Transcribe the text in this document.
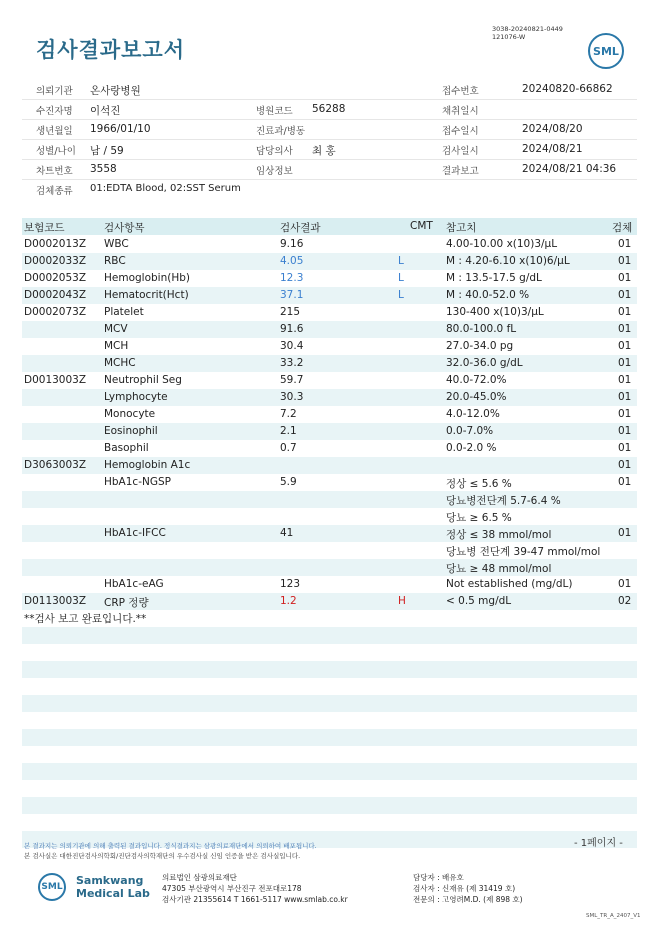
검사결과보고서
3038-20240821-0449
121076-W
SML
의뢰기관 온사랑병원	접수번호	20240820-66862
수진자명 이석진	병원코드 56288	채취일시
생년월일 1966/01/10	진료과/병동	접수일시	2024/08/20
성별/나이 남 / 59	담당의사 최 홍	검사일시	2024/08/21
차트번호 3558	임상정보	결과보고	2024/08/21 04:36
검체종류 01:EDTA Blood, 02:SST Serum
보험코드	검사항목	검사결과	CMT 참고치	검체
D0002013Z WBC	9.16	4.00-10.00 x(10)3/µL	01
D0002033Z RBC	4.05	L	M : 4.20-6.10 x(10)6/µL	01
D0002053Z Hemoglobin(Hb)	12.3	L	M : 13.5-17.5 g/dL	01
D0002043Z Hematocrit(Hct)	37.1	L	M : 40.0-52.0 %	01
D0002073Z Platelet	215	130-400 x(10)3/µL	01
MCV	91.6	80.0-100.0 fL	01
MCH	30.4	27.0-34.0 pg	01
MCHC	33.2	32.0-36.0 g/dL	01
D0013003Z Neutrophil Seg	59.7	40.0-72.0%	01
Lymphocyte	30.3	20.0-45.0%	01
Monocyte	7.2	4.0-12.0%	01
Eosinophil	2.1	0.0-7.0%	01
Basophil	0.7	0.0-2.0 %	01
D3063003Z Hemoglobin A1c	01
HbA1c-NGSP	5.9	정상 ≤ 5.6 %	01
당뇨병전단계 5.7-6.4 %
당뇨 ≥ 6.5 %
HbA1c-IFCC	41	정상 ≤ 38 mmol/mol	01
당뇨병 전단계 39-47 mmol/mol
당뇨 ≥ 48 mmol/mol
HbA1c-eAG	123	Not established (mg/dL)	01
D0113003Z CRP 정량	1.2	H	< 0.5 mg/dL	02
**검사 보고 완료입니다.**
본 결과지는 의뢰기관에 의해 출력된 결과입니다. 정식결과지는 삼광의료재단에서 의뢰하여 배포됩니다.
본 검사실은 대한진단검사의학회/진단검사의학재단의 우수검사실 신임 인증을 받은 검사실입니다.
- 1페이지 -
SML	Samkwang
Medical Lab
의료법인 삼광의료재단
47305 부산광역시 부산진구 전포대로178
검사기관 21355614 T 1661-5117 www.smlab.co.kr
담당자 : 배유호
검사자 : 신재유 (제 31419 호)
전문의 : 고영려M.D. (제 898 호)
SML_TR_A_2407_V1
